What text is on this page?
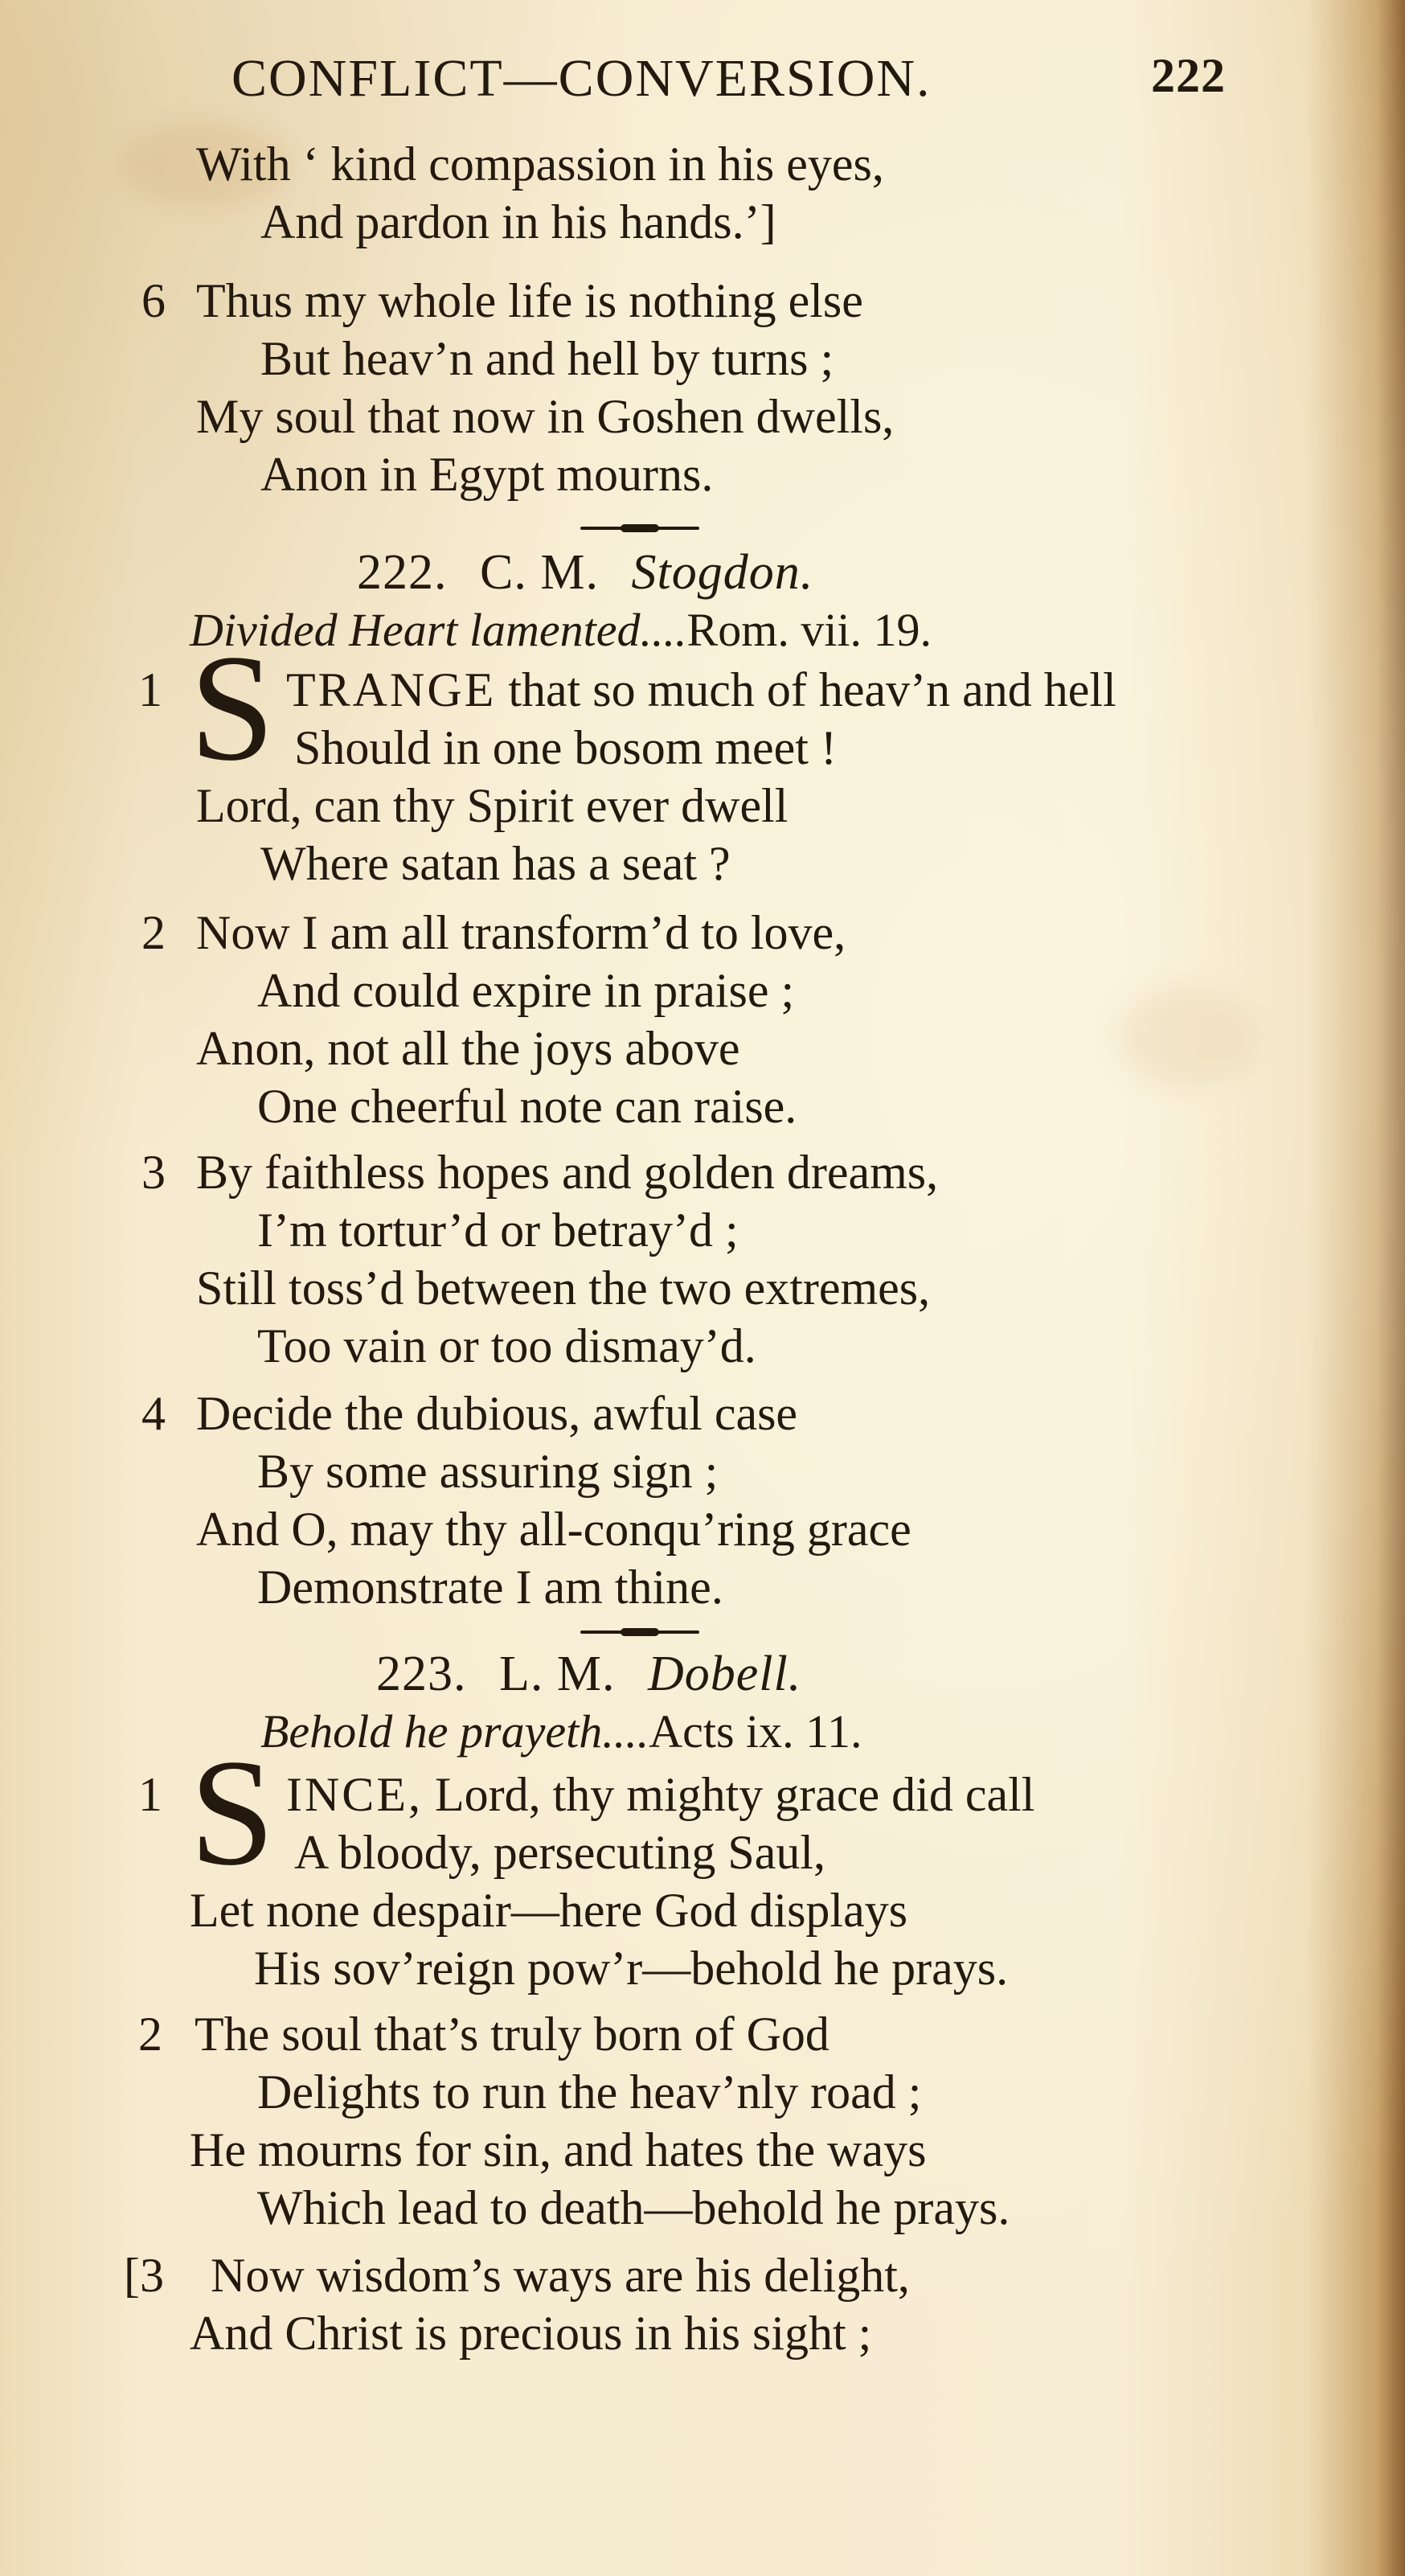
CONFLICT—CONVERSION.	222
With ‘ kind compassion in his eyes,
And pardon in his hands.’]
6 Thus my whole life is nothing else
But heav’n and hell by turns ;
My soul that now in Goshen dwells,
Anon in Egypt mourns.
222. C. M. Stogdon.
Divided Heart lamented....Rom. vii. 19.
1 S TRANGE that so much of heav’n and hell
Should in one bosom meet !
Lord, can thy Spirit ever dwell
Where satan has a seat ?
2 Now I am all transform’d to love,
And could expire in praise ;
Anon, not all the joys above
One cheerful note can raise.
3 By faithless hopes and golden dreams,
I’m tortur’d or betray’d ;
Still toss’d between the two extremes,
Too vain or too dismay’d.
4 Decide the dubious, awful case
By some assuring sign ;
And O, may thy all-conqu’ring grace
Demonstrate I am thine.
223. L. M. Dobell.
Behold he prayeth....Acts ix. 11.
1 S INCE, Lord, thy mighty grace did call
A bloody, persecuting Saul,
Let none despair—here God displays
His sov’reign pow’r—behold he prays.
2 The soul that’s truly born of God
Delights to run the heav’nly road ;
He mourns for sin, and hates the ways
Which lead to death—behold he prays.
[3 Now wisdom’s ways are his delight,
And Christ is precious in his sight ;
